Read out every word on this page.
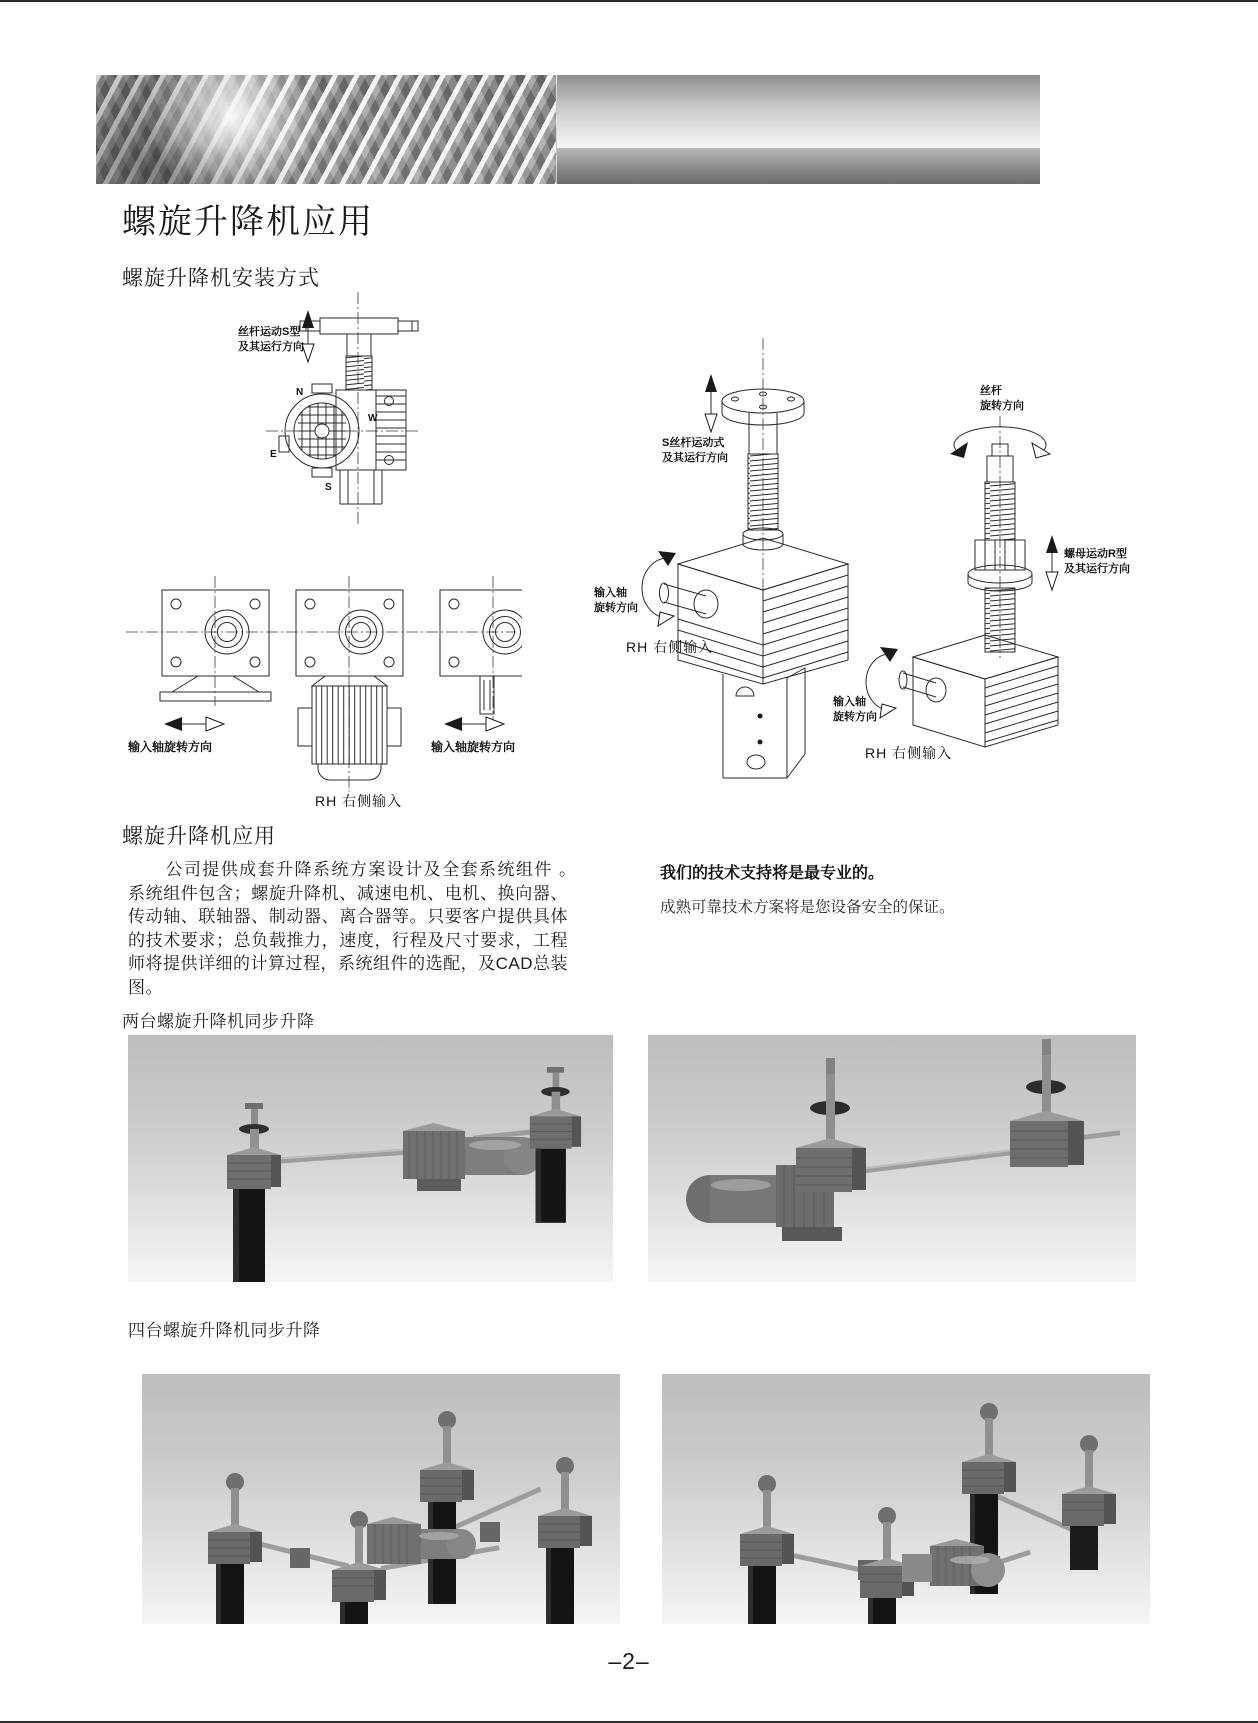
螺旋升降机应用
螺旋升降机安装方式
丝杆运动S型
及其运行方向
N
W
E
S
输入轴旋转方向	输入轴旋转方向
RH 右侧输入
S丝杆运动式
及其运行方向
输入轴
旋转方向
RH 右侧输入
丝杆
旋转方向
螺母运动R型
及其运行方向
输入轴
旋转方向
RH 右侧输入
螺旋升降机应用

公司提供成套升降系统方案设计及全套系统组件 。　　系统组件包含；螺旋升降机、减速电机、电机、换向器、传动轴、联轴器、制动器、离合器等。只要客户提供具体的技术要求；总负载推力，速度，行程及尺寸要求，工程师将提供详细的计算过程，系统组件的选配，及CAD总装图。

我们的技术支持将是最专业的。

成熟可靠技术方案将是您设备安全的保证。

两台螺旋升降机同步升降
四台螺旋升降机同步升降
–2–
